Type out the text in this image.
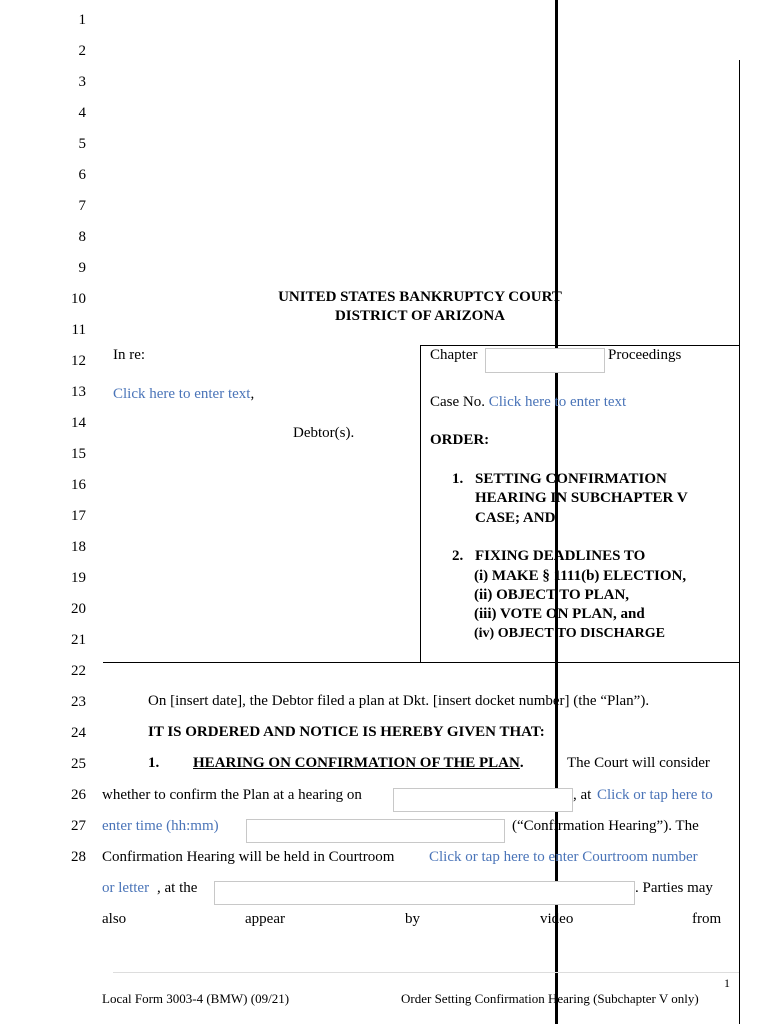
1
2
3
4
5
6
7
8
9
10
11
12
13
14
15
16
17
18
19
20
21
22
23
24
25
26
27
28
UNITED STATES BANKRUPTCY COURT
DISTRICT OF ARIZONA
In re:
Click here to enter text,
Debtor(s).
Chapter	Proceedings
Case No. Click here to enter text
ORDER:
1. SETTING CONFIRMATION
HEARING IN SUBCHAPTER V
CASE; AND
2. FIXING DEADLINES TO
(i) MAKE § 1111(b) ELECTION,
(ii) OBJECT TO PLAN,
(iii) VOTE ON PLAN, and
(iv) OBJECT TO DISCHARGE
On [insert date], the Debtor filed a plan at Dkt. [insert docket number] (the “Plan”).
IT IS ORDERED AND NOTICE IS HEREBY GIVEN THAT:
1. HEARING ON CONFIRMATION OF THE PLAN.	The Court will consider
whether to confirm the Plan at a hearing on	, at Click or tap here to
enter time (hh:mm)	(“Confirmation Hearing”). The
Confirmation Hearing will be held in Courtroom Click or tap here to enter Courtroom number
or letter , at the	. Parties may
also	appear	by	video	from
1
Local Form 3003-4 (BMW) (09/21)	Order Setting Confirmation Hearing (Subchapter V only)
